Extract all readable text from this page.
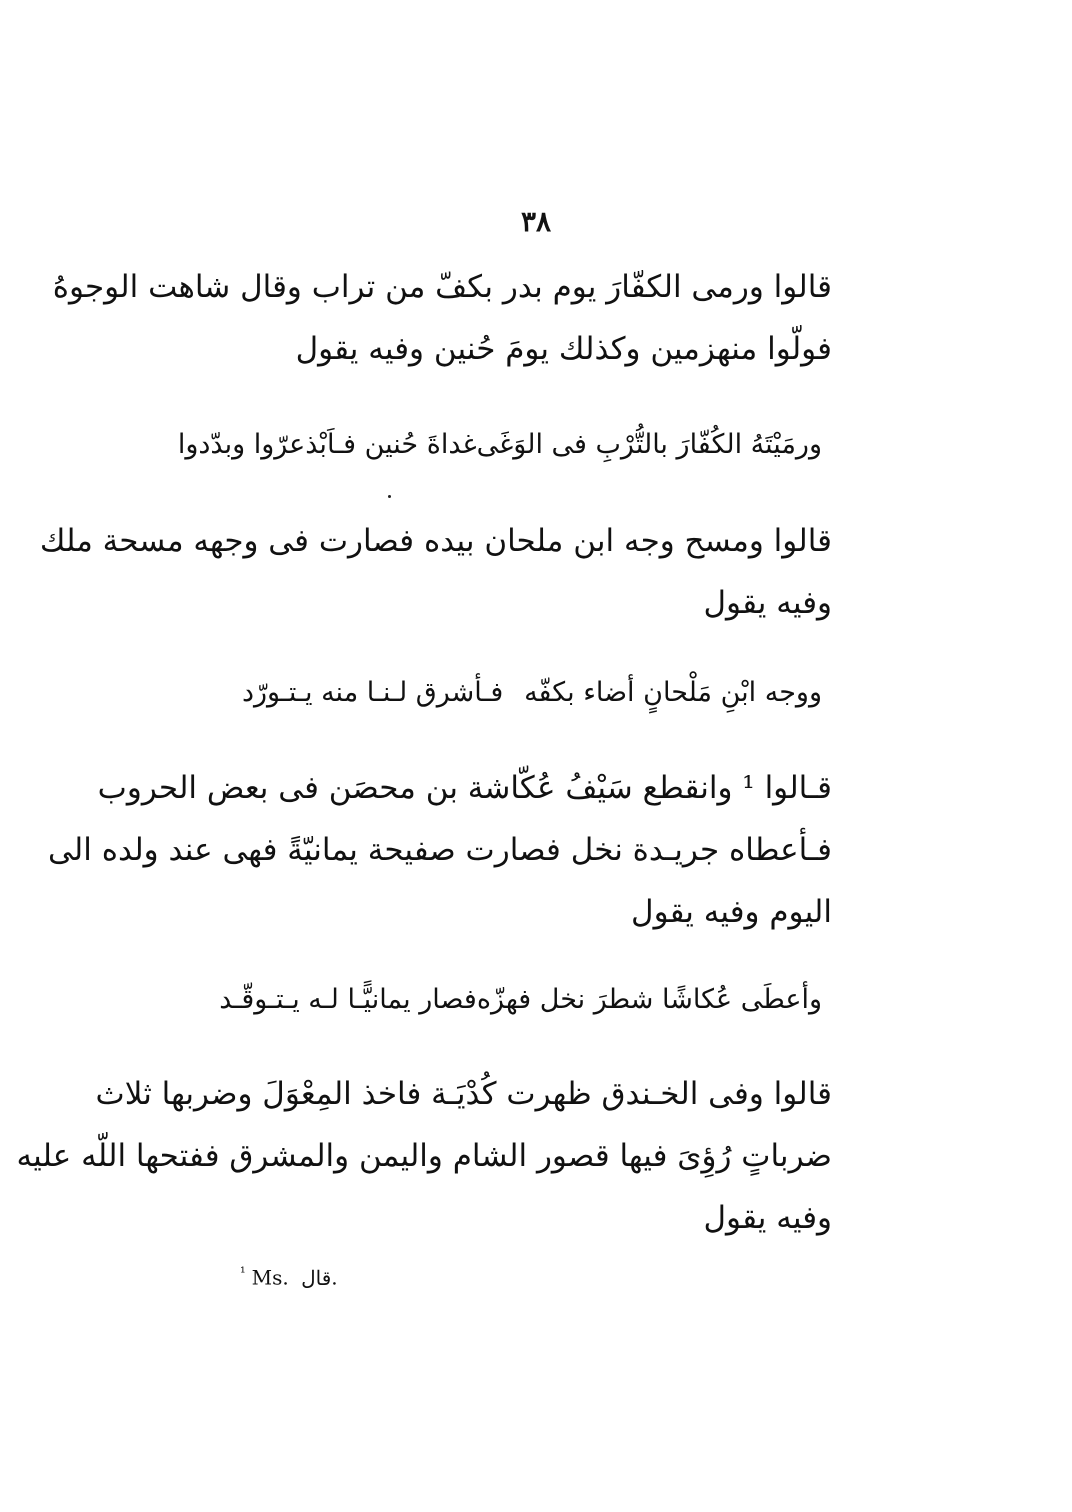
٣٨
قالوا ورمى الكفّارَ يوم بدر بكفّ من تراب وقال شاهت الوجوهُ
فولّوا منهزمين وكذلك يومَ حُنين وفيه يقول
ورمَيْتَهُ الكُفّارَ بالتُّرْبِ فى الوَغَى
غداةَ حُنين فـاَبْذعرّوا وبدّدوا
قالوا ومسح وجه ابن ملحان بيده فصارت فى وجهه مسحة ملك
وفيه يقول
ووجه ابْنِ مَلْحانٍ أضاء بكفّه
فـأشرق لـنـا منه يـتـورّد
قـالوا ¹ وانقطع سَيْفُ عُكّاشة بن محصَن فى بعض الحروب
فـأعطاه جريـدة نخل فصارت صفيحة يمانيّةً فهى عند ولده الى
اليوم وفيه يقول
وأعطَى عُكاشًا شطرَ نخل فهزّه
فصار يمانيًّـا لـه يـتـوقّـد
قالوا وفى الخـندق ظهرت كُدْيَـة فاخذ المِعْوَلَ وضربها ثلاث
ضرباتٍ رُؤِىَ فيها قصور الشام واليمن والمشرق ففتحها اللّه عليه
وفيه يقول
$^{^1}$ Ms. قال.
